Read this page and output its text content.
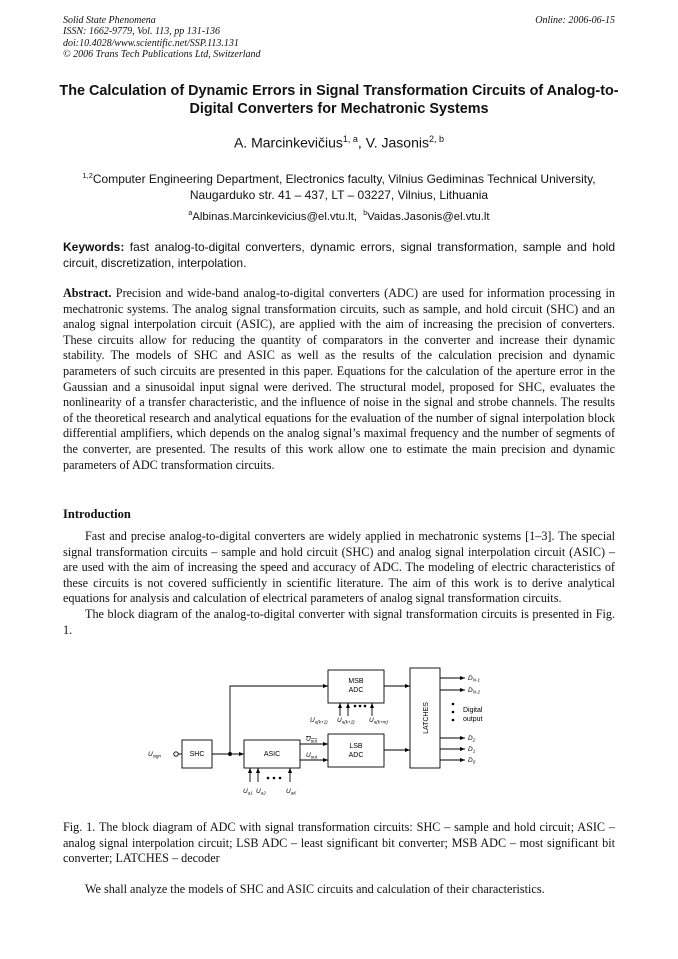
Solid State Phenomena
ISSN: 1662-9779, Vol. 113, pp 131-136
doi:10.4028/www.scientific.net/SSP.113.131
© 2006 Trans Tech Publications Ltd, Switzerland
Online: 2006-06-15
The Calculation of Dynamic Errors in Signal Transformation Circuits of Analog-to-Digital Converters for Mechatronic Systems
A. Marcinkevičius$^{1, a}$, V. Jasonis$^{2, b}$
$^{1,2}$Computer Engineering Department, Electronics faculty, Vilnius Gediminas Technical University, Naugarduko str. 41 – 437, LT – 03227, Vilnius, Lithuania
$^a$Albinas.Marcinkevicius@el.vtu.lt, $^b$Vaidas.Jasonis@el.vtu.lt
Keywords: fast analog-to-digital converters, dynamic errors, signal transformation, sample and hold circuit, discretization, interpolation.
Abstract. Precision and wide-band analog-to-digital converters (ADC) are used for information processing in mechatronic systems. The analog signal transformation circuits, such as sample, and hold circuit (SHC) and an analog signal interpolation circuit (ASIC), are applied with the aim of increasing the precision of converters. These circuits allow for reducing the quantity of comparators in the converter and increase their dynamic stability. The models of SHC and ASIC as well as the results of the calculation precision and dynamic parameters of such circuits are presented in this paper. Equations for the calculation of the aperture error in the Gaussian and a sinusoidal input signal were derived. The structural model, proposed for SHC, evaluates the nonlinearity of a transfer characteristic, and the influence of noise in the signal and strobe channels. The results of the theoretical research and analytical equations for the evaluation of the number of signal interpolation block differential amplifiers, which depends on the analog signal’s maximal frequency and the number of segments of the converter, are presented. The results of this work allow one to estimate the main precision and dynamic parameters of ADC transformation circuits.
Introduction

Fast and precise analog-to-digital converters are widely applied in mechatronic systems [1–3]. The special signal transformation circuits – sample and hold circuit (SHC) and analog signal interpolation circuit (ASIC) – are used with the aim of increasing the speed and accuracy of ADC. The modeling of electric characteristics of these circuits is not covered sufficiently in scientific literature. The aim of this work is to derive analytical equations for analysis and calculation of electrical parameters of analog signal transformation circuits.

The block diagram of the analog-to-digital converter with signal transformation circuits is presented in Fig. 1.

MSB
ADC
LSB
ADC
SHC	ASIC
LATCHES	Digital
output
$U_{sign}$
$U_{out}$
$U_{out}$
$U_{a(k+1)}$ $U_{a(k+2)}$ $U_{a(k+m)}$
$U_{a1}$ $U_{a2}$	$U_{aK}$
$D_{N-1}$
$D_{N-2}$
$D_2$
$D_1$
$D_0$
Fig. 1. The block diagram of ADC with signal transformation circuits: SHC – sample and hold circuit; ASIC – analog signal interpolation circuit; LSB ADC – least significant bit converter; MSB ADC – most significant bit converter; LATCHES – decoder
We shall analyze the models of SHC and ASIC circuits and calculation of their characteristics.
